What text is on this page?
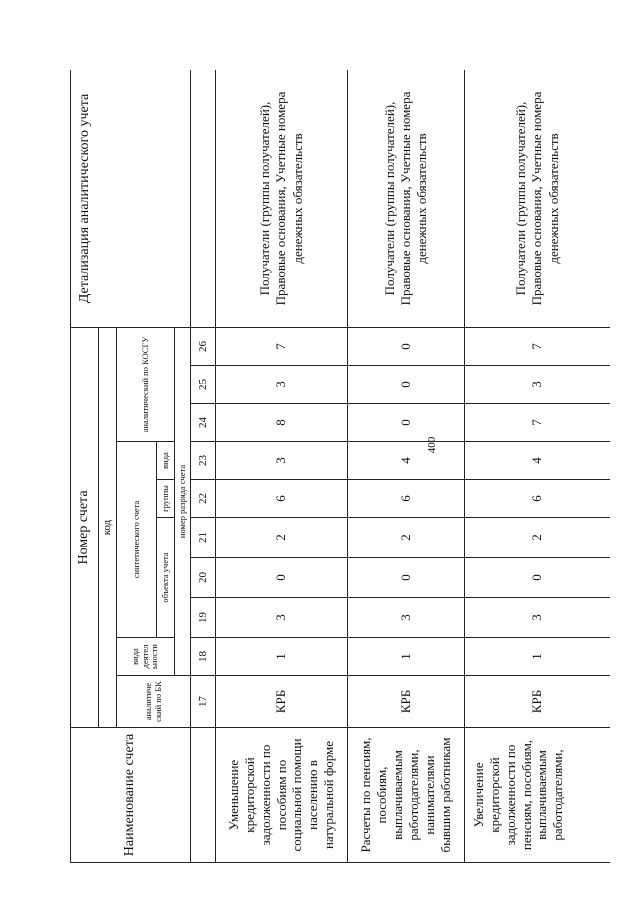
400
Наименование счета	Номер счета										Детализация аналитического учета
	код										
	аналитиче ский по БК	вида деятел ьности	синтетического счета					аналитический по КОСГУ			
			объекта учета			группы	вида				
		номер разряда счета									
	17	18	19	20	21	22	23	24	25	26	
Уменьшение кредиторской задолженности по пособиям по социальной помощи населению в натуральной форме	КРБ	1	3	0	2	6	3	8	3	7	Получатели (группы получателей), Правовые основания, Учетные номера денежных обязательств
Расчеты по пенсиям, пособиям, выплачиваемым работодателями, нанимателями бывшим работникам	КРБ	1	3	0	2	6	4	0	0	0	Получатели (группы получателей), Правовые основания, Учетные номера денежных обязательств
Увеличение кредиторской задолженности по пенсиям, пособиям, выплачиваемым работодателями,	КРБ	1	3	0	2	6	4	7	3	7	Получатели (группы получателей), Правовые основания, Учетные номера денежных обязательств
